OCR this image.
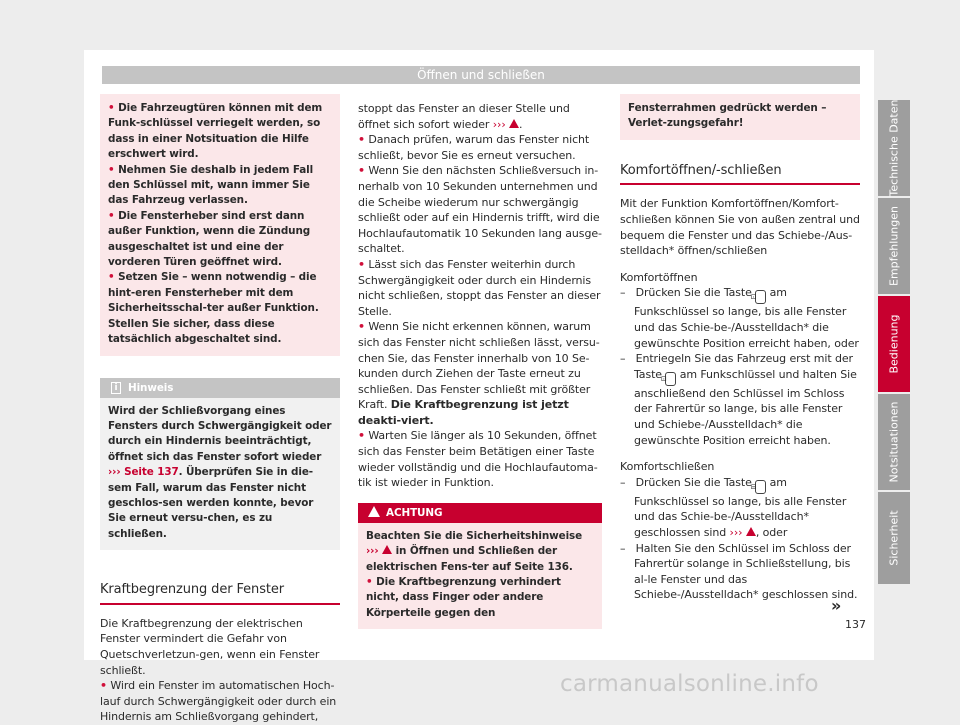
Öffnen und schließen
• Die Fahrzeugtüren können mit dem Funk-schlüssel verriegelt werden, so dass in einer Notsituation die Hilfe erschwert wird.
• Nehmen Sie deshalb in jedem Fall den Schlüssel mit, wann immer Sie das Fahrzeug verlassen.
• Die Fensterheber sind erst dann außer Funktion, wenn die Zündung ausgeschaltet ist und eine der vorderen Türen geöffnet wird.
• Setzen Sie – wenn notwendig – die hint-eren Fensterheber mit dem Sicherheitsschal-ter außer Funktion. Stellen Sie sicher, dass diese tatsächlich abgeschaltet sind.
i	Hinweis
Wird der Schließvorgang eines Fensters durch Schwergängigkeit oder durch ein Hindernis beeinträchtigt, öffnet sich das Fenster sofort wieder ››› Seite 137. Überprüfen Sie in die-sem Fall, warum das Fenster nicht geschlos-sen werden konnte, bevor Sie erneut versu-chen, es zu schließen.
Kraftbegrenzung der Fenster
Die Kraftbegrenzung der elektrischen Fenster vermindert die Gefahr von Quetschverletzun-gen, wenn ein Fenster schließt.
• Wird ein Fenster im automatischen Hoch-lauf durch Schwergängigkeit oder durch ein Hindernis am Schließvorgang gehindert,
stoppt das Fenster an dieser Stelle und öffnet sich sofort wieder ››› .
• Danach prüfen, warum das Fenster nicht schließt, bevor Sie es erneut versuchen.
• Wenn Sie den nächsten Schließversuch in-nerhalb von 10 Sekunden unternehmen und die Scheibe wiederum nur schwergängig schließt oder auf ein Hindernis trifft, wird die Hochlaufautomatik 10 Sekunden lang ausge-schaltet.
• Lässt sich das Fenster weiterhin durch Schwergängigkeit oder durch ein Hindernis nicht schließen, stoppt das Fenster an dieser Stelle.
• Wenn Sie nicht erkennen können, warum sich das Fenster nicht schließen lässt, versu-chen Sie, das Fenster innerhalb von 10 Se-kunden durch Ziehen der Taste erneut zu schließen. Das Fenster schließt mit größter Kraft. Die Kraftbegrenzung ist jetzt deakti-viert.
• Warten Sie länger als 10 Sekunden, öffnet sich das Fenster beim Betätigen einer Taste wieder vollständig und die Hochlaufautoma-tik ist wieder in Funktion.
ACHTUNG
Beachten Sie die Sicherheitshinweise ›››  in Öffnen und Schließen der elektrischen Fens-ter auf Seite 136.
• Die Kraftbegrenzung verhindert nicht, dass Finger oder andere Körperteile gegen den
Fensterrahmen gedrückt werden – Verlet-zungsgefahr!
Komfortöffnen/-schließen
Mit der Funktion Komfortöffnen/Komfort-schließen können Sie von außen zentral und bequem die Fenster und das Schiebe-/Aus-stelldach* öffnen/schließen
Komfortöffnen
–   Drücken Sie die Taste ⊡ am Funkschlüssel so lange, bis alle Fenster und das Schie-be-/Ausstelldach* die gewünschte Position erreicht haben, oder
–   Entriegeln Sie das Fahrzeug erst mit der Taste ⊡ am Funkschlüssel und halten Sie anschließend den Schlüssel im Schloss der Fahrertür so lange, bis alle Fenster und Schiebe-/Ausstelldach* die gewünschte Position erreicht haben.
Komfortschließen
–   Drücken Sie die Taste ⊟ am Funkschlüssel so lange, bis alle Fenster und das Schie-be-/Ausstelldach* geschlossen sind ››› , oder
–   Halten Sie den Schlüssel im Schloss der Fahrertür solange in Schließstellung, bis al-le Fenster und das Schiebe-/Ausstelldach* geschlossen sind.
»
137
Technische Daten
Empfehlungen
Bedienung
Notsituationen
Sicherheit
carmanualsonline.info
